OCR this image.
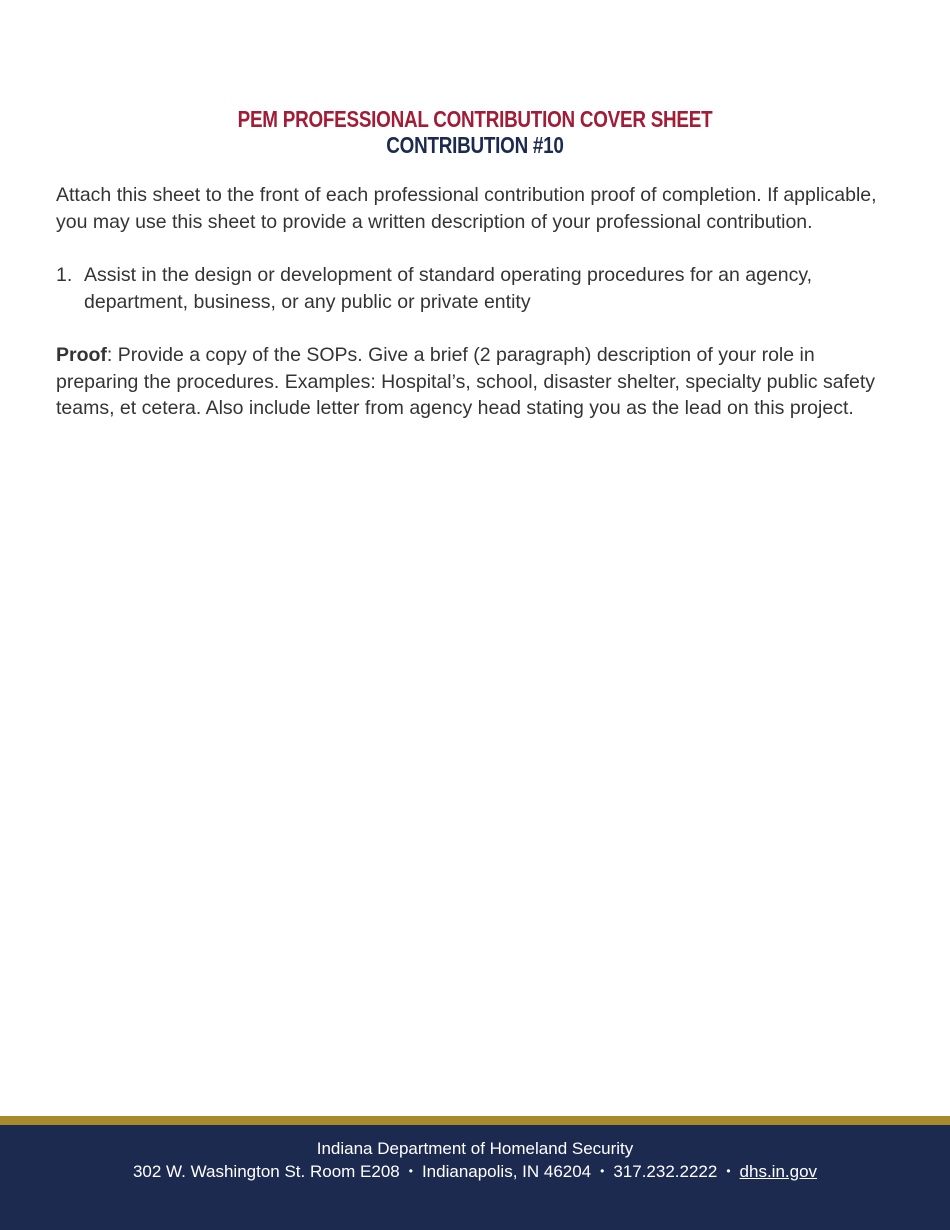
PEM PROFESSIONAL CONTRIBUTION COVER SHEET
CONTRIBUTION #10

Attach this sheet to the front of each professional contribution proof of completion. If applicable, you may use this sheet to provide a written description of your professional contribution.

1. Assist in the design or development of standard operating procedures for an agency, department, business, or any public or private entity

Proof: Provide a copy of the SOPs. Give a brief (2 paragraph) description of your role in preparing the procedures. Examples: Hospital’s, school, disaster shelter, specialty public safety teams, et cetera. Also include letter from agency head stating you as the lead on this project.

Indiana Department of Homeland Security
302 W. Washington St. Room E208 • Indianapolis, IN 46204 • 317.232.2222 • dhs.in.gov
